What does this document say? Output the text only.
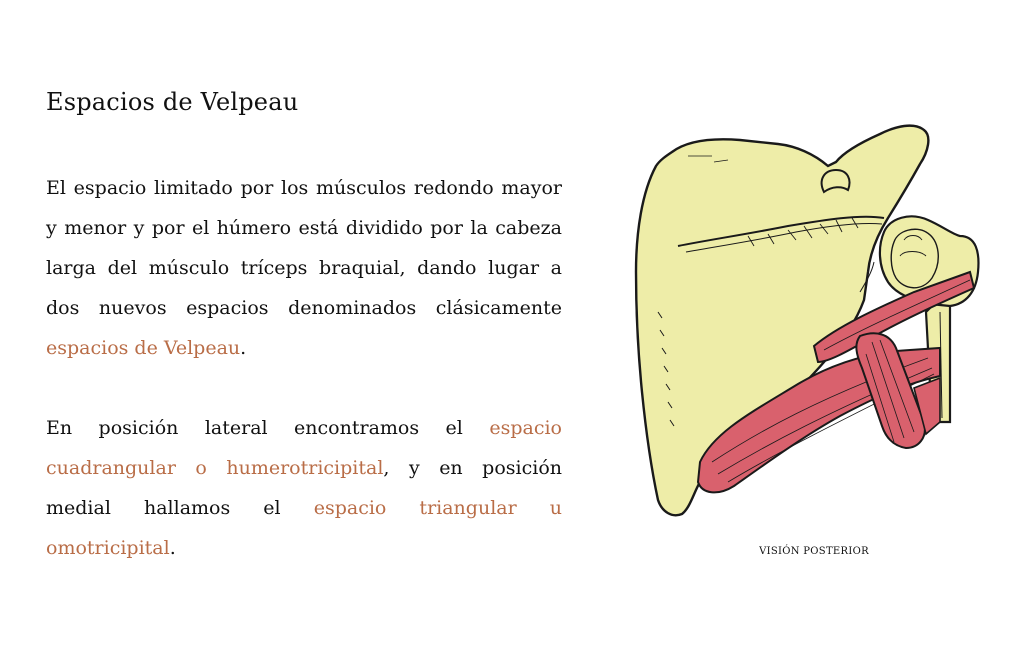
Espacios de Velpeau

El espacio limitado por los músculos redondo mayor y menor y por el húmero está dividido por la cabeza larga del músculo tríceps braquial, dando lugar a dos nuevos espacios denominados clásicamente espacios de Velpeau.

En posición lateral encontramos el espacio cuadrangular o humerotricipital, y en posición medial hallamos el espacio triangular u omotricipital.	VISIÓN POSTERIOR
